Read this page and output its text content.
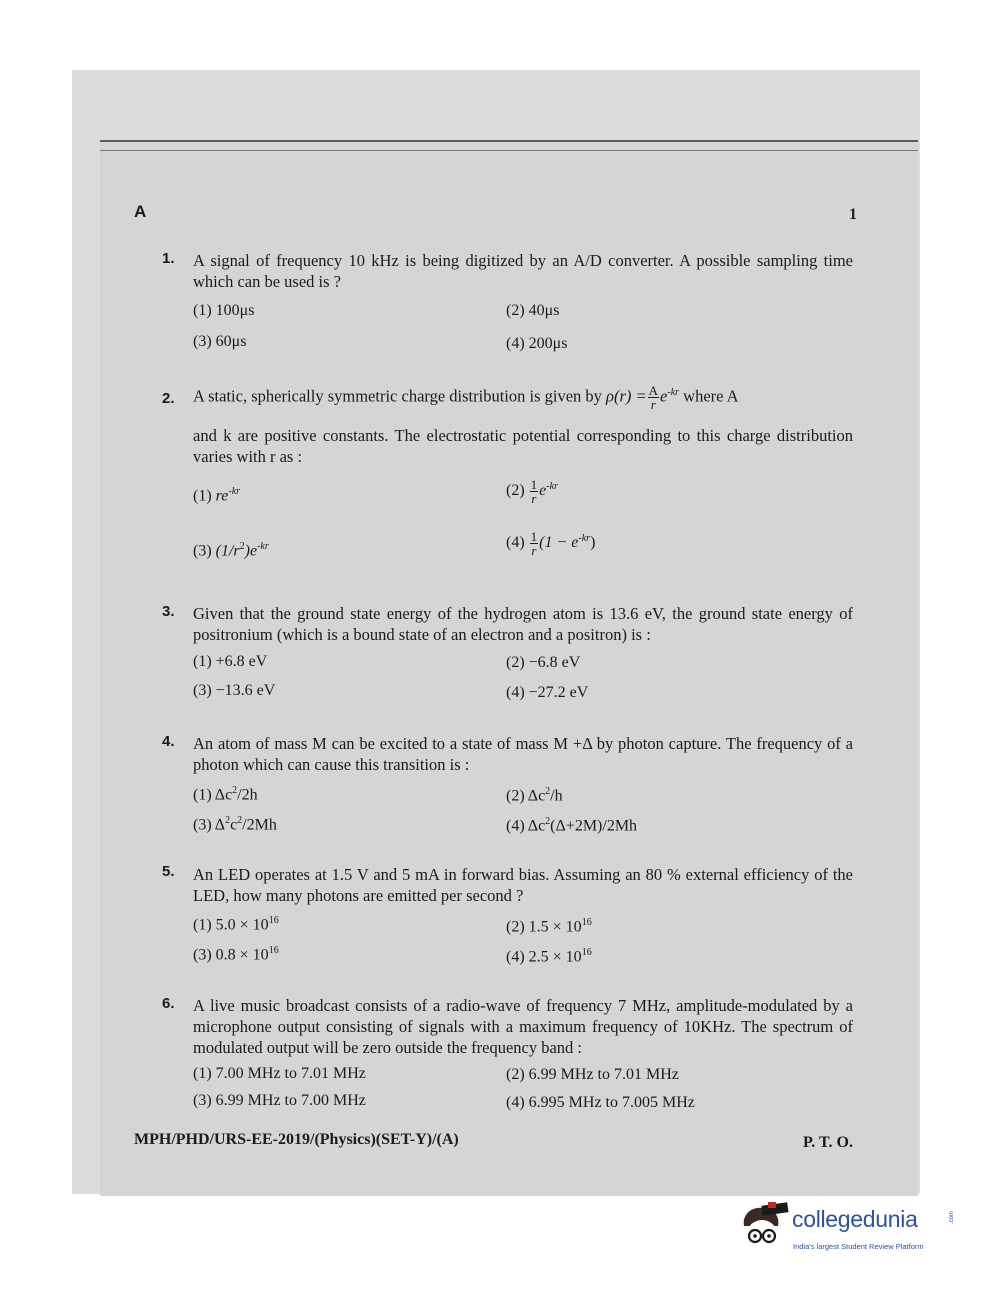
A	1
1.	A signal of frequency 10 kHz is being digitized by an A/D converter. A possible sampling time which can be used is ?
(1) 100μs	(2) 40μs
(3) 60μs	(4) 200μs
2.	A static, spherically symmetric charge distribution is given by $\rho(r) = \frac{A}{r} e^{-kr}$ where A
and k are positive constants. The electrostatic potential corresponding to this charge distribution varies with r as :
(1) $re^{-kr}$	$(2) \frac{1}{r} e^{-kr}$
(3) $(1/r^2)e^{-kr}$	$(4) \frac{1}{r} (1 - e^{-kr})$
3.	Given that the ground state energy of the hydrogen atom is 13.6 eV, the ground state energy of positronium (which is a bound state of an electron and a positron) is :
(1) +6.8 eV	(2) −6.8 eV
(3) −13.6 eV	(4) −27.2 eV
4.	An atom of mass M can be excited to a state of mass M +Δ by photon capture. The frequency of a photon which can cause this transition is :
(1) $\Delta c^2/2h$	(2) $\Delta c^2/h$
(3) $\Delta^2c^2/2Mh$	(4) $\Delta c^2(\Delta+2M)/2Mh$
5.	An LED operates at 1.5 V and 5 mA in forward bias. Assuming an 80 % external efficiency of the LED, how many photons are emitted per second ?
(1) $5.0 \times 10^{16}$	(2) $1.5 \times 10^{16}$
(3) $0.8 \times 10^{16}$	(4) $2.5 \times 10^{16}$
6.	A live music broadcast consists of a radio-wave of frequency 7 MHz, amplitude-modulated by a microphone output consisting of signals with a maximum frequency of 10KHz. The spectrum of modulated output will be zero outside the frequency band :
(1) 7.00 MHz to 7.01 MHz	(2) 6.99 MHz to 7.01 MHz
(3) 6.99 MHz to 7.00 MHz	(4) 6.995 MHz to 7.005 MHz
MPH/PHD/URS-EE-2019/(Physics)(SET-Y)/(A)	P. T. O.
collegedunia	.com
India's largest Student Review Platform
